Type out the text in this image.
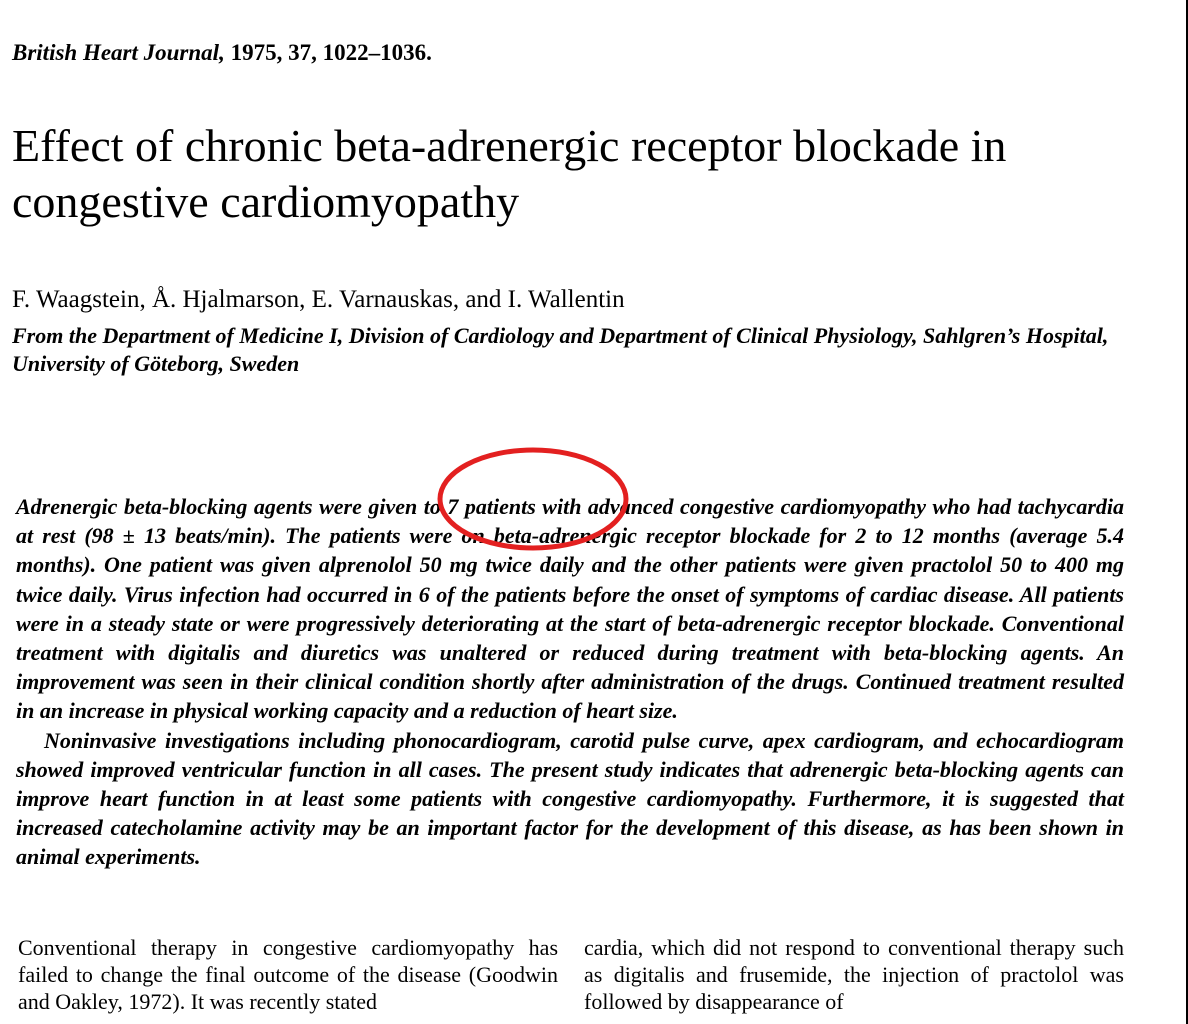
British Heart Journal, 1975, 37, 1022–1036.
Effect of chronic beta-adrenergic receptor blockade in congestive cardiomyopathy
F. Waagstein, Å. Hjalmarson, E. Varnauskas, and I. Wallentin
From the Department of Medicine I, Division of Cardiology and Department of Clinical Physiology, Sahlgren’s Hospital, University of Göteborg, Sweden

Adrenergic beta-blocking agents were given to 7 patients with advanced congestive cardiomyopathy who had tachycardia at rest (98 ± 13 beats/min). The patients were on beta-adrenergic receptor blockade for 2 to 12 months (average 5.4 months). One patient was given alprenolol 50 mg twice daily and the other patients were given practolol 50 to 400 mg twice daily. Virus infection had occurred in 6 of the patients before the onset of symptoms of cardiac disease. All patients were in a steady state or were progressively deteriorating at the start of beta-adrenergic receptor blockade. Conventional treatment with digitalis and diuretics was unaltered or reduced during treatment with beta-blocking agents. An improvement was seen in their clinical condition shortly after administration of the drugs. Continued treatment resulted in an increase in physical working capacity and a reduction of heart size.

Noninvasive investigations including phonocardiogram, carotid pulse curve, apex cardiogram, and echocardiogram showed improved ventricular function in all cases. The present study indicates that adrenergic beta-blocking agents can improve heart function in at least some patients with congestive cardiomyopathy. Furthermore, it is suggested that increased catecholamine activity may be an important factor for the development of this disease, as has been shown in animal experiments.

Conventional therapy in congestive cardiomyopathy has failed to change the final outcome of the disease (Goodwin and Oakley, 1972). It was recently stated
cardia, which did not respond to conventional therapy such as digitalis and frusemide, the injection of practolol was followed by disappearance of
